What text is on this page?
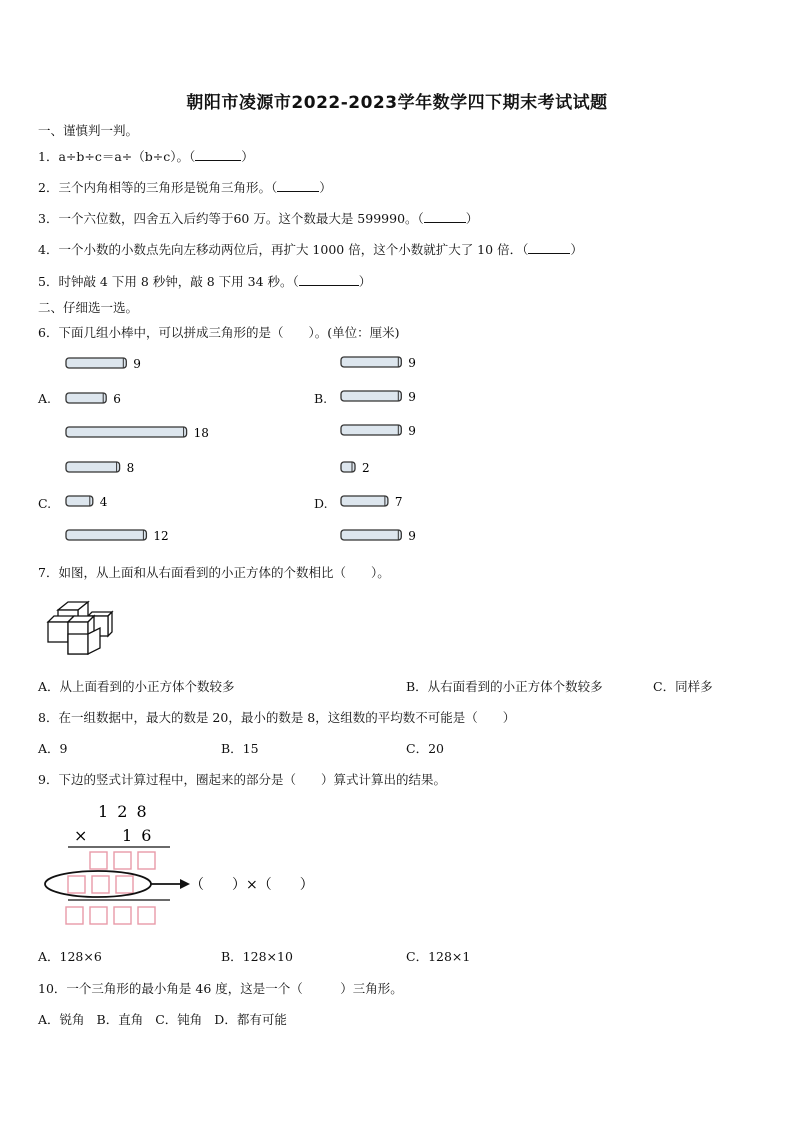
朝阳市凌源市2022-2023学年数学四下期末考试试题
一、谨慎判一判。
1．a÷b÷c＝a÷（b÷c）。（	）
2．三个内角相等的三角形是锐角三角形。（	）
3．一个六位数，四舍五入后约等于60 万。这个数最大是 599990。（	）
4．一个小数的小数点先向左移动两位后，再扩大 1000 倍，这个小数就扩大了 10 倍．（	）
5．时钟敲 4 下用 8 秒钟，敲 8 下用 34 秒。（	）
二、仔细选一选。
6．下面几组小棒中，可以拼成三角形的是（　　）。(单位：厘米)
9
6
18
9
9
9
8
4
12
2
7
9
A.	B.
C.	D.
7．如图，从上面和从右面看到的小正方体的个数相比（　　）。
A．从上面看到的小正方体个数较多	B．从右面看到的小正方体个数较多	C．同样多
8．在一组数据中，最大的数是 20，最小的数是 8，这组数的平均数不可能是（　　）
A．9	B．15	C．20
9．下边的竖式计算过程中，圈起来的部分是（　　）算式计算出的结果。
1 2 8
× 1 6
（　　）×（　　）
A．128×6	B．128×10	C．128×1
10．一个三角形的最小角是 46 度，这是一个（　　　）三角形。
A．锐角 B．直角 C．钝角 D．都有可能
